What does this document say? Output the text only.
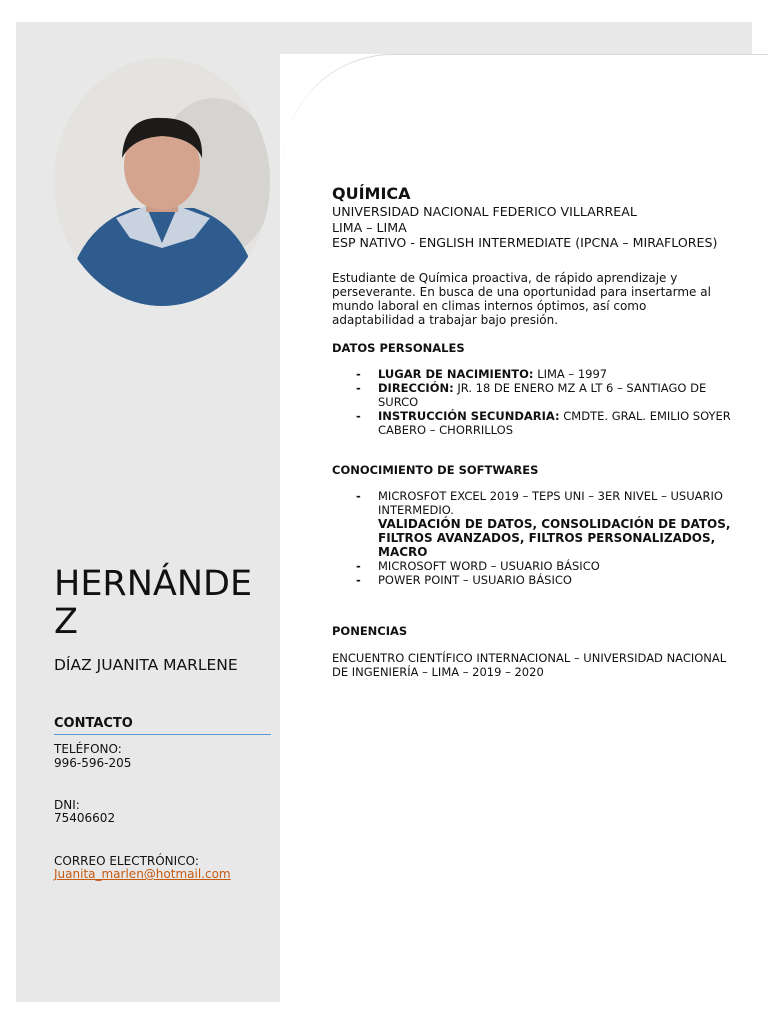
HERNÁNDEZ
DÍAZ JUANITA MARLENE
CONTACTO
TELÉFONO:
996-596-205
DNI:
75406602
CORREO ELECTRÓNICO:
Juanita_marlen@hotmail.com
QUÍMICA
UNIVERSIDAD NACIONAL FEDERICO VILLARREAL
LIMA – LIMA
ESP NATIVO - ENGLISH INTERMEDIATE (IPCNA – MIRAFLORES)
Estudiante de Química proactiva, de rápido aprendizaje y perseverante. En busca de una oportunidad para insertarme al mundo laboral en climas internos óptimos, así como adaptabilidad a trabajar bajo presión.
DATOS PERSONALES
- LUGAR DE NACIMIENTO: LIMA – 1997
- DIRECCIÓN: JR. 18 DE ENERO MZ A LT 6 – SANTIAGO DE SURCO
- INSTRUCCIÓN SECUNDARIA: CMDTE. GRAL. EMILIO SOYER CABERO – CHORRILLOS
CONOCIMIENTO DE SOFTWARES
- MICROSFOT EXCEL 2019 – TEPS UNI – 3ER NIVEL – USUARIO INTERMEDIO.
VALIDACIÓN DE DATOS, CONSOLIDACIÓN DE DATOS, FILTROS AVANZADOS, FILTROS PERSONALIZADOS, MACRO
- MICROSOFT WORD – USUARIO BÁSICO
- POWER POINT – USUARIO BÁSICO
PONENCIAS
ENCUENTRO CIENTÍFICO INTERNACIONAL – UNIVERSIDAD NACIONAL DE INGENIERÍA – LIMA – 2019 – 2020
